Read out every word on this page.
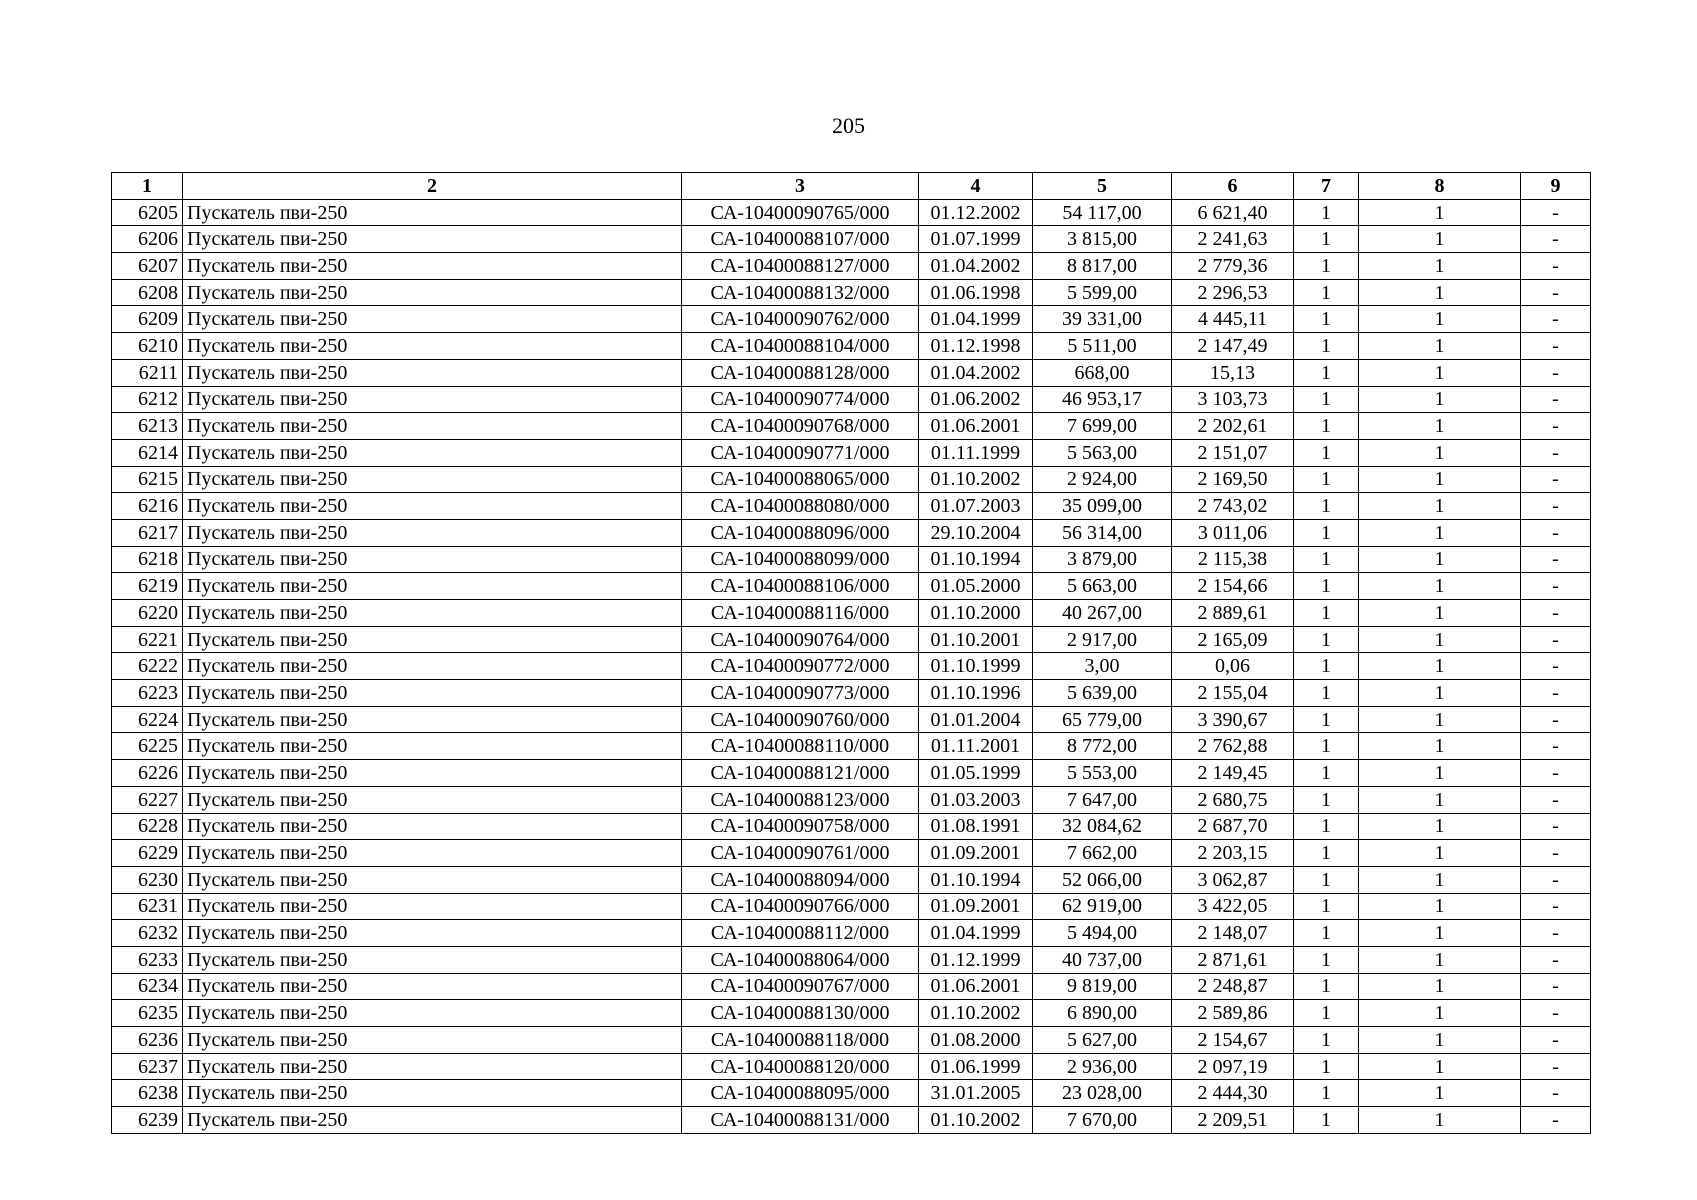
205
1	2	3	4	5	6	7	8	9
6205	Пускатель пви-250	СА-10400090765/000	01.12.2002	54 117,00	6 621,40	1	1	-
6206	Пускатель пви-250	СА-10400088107/000	01.07.1999	3 815,00	2 241,63	1	1	-
6207	Пускатель пви-250	СА-10400088127/000	01.04.2002	8 817,00	2 779,36	1	1	-
6208	Пускатель пви-250	СА-10400088132/000	01.06.1998	5 599,00	2 296,53	1	1	-
6209	Пускатель пви-250	СА-10400090762/000	01.04.1999	39 331,00	4 445,11	1	1	-
6210	Пускатель пви-250	СА-10400088104/000	01.12.1998	5 511,00	2 147,49	1	1	-
6211	Пускатель пви-250	СА-10400088128/000	01.04.2002	668,00	15,13	1	1	-
6212	Пускатель пви-250	СА-10400090774/000	01.06.2002	46 953,17	3 103,73	1	1	-
6213	Пускатель пви-250	СА-10400090768/000	01.06.2001	7 699,00	2 202,61	1	1	-
6214	Пускатель пви-250	СА-10400090771/000	01.11.1999	5 563,00	2 151,07	1	1	-
6215	Пускатель пви-250	СА-10400088065/000	01.10.2002	2 924,00	2 169,50	1	1	-
6216	Пускатель пви-250	СА-10400088080/000	01.07.2003	35 099,00	2 743,02	1	1	-
6217	Пускатель пви-250	СА-10400088096/000	29.10.2004	56 314,00	3 011,06	1	1	-
6218	Пускатель пви-250	СА-10400088099/000	01.10.1994	3 879,00	2 115,38	1	1	-
6219	Пускатель пви-250	СА-10400088106/000	01.05.2000	5 663,00	2 154,66	1	1	-
6220	Пускатель пви-250	СА-10400088116/000	01.10.2000	40 267,00	2 889,61	1	1	-
6221	Пускатель пви-250	СА-10400090764/000	01.10.2001	2 917,00	2 165,09	1	1	-
6222	Пускатель пви-250	СА-10400090772/000	01.10.1999	3,00	0,06	1	1	-
6223	Пускатель пви-250	СА-10400090773/000	01.10.1996	5 639,00	2 155,04	1	1	-
6224	Пускатель пви-250	СА-10400090760/000	01.01.2004	65 779,00	3 390,67	1	1	-
6225	Пускатель пви-250	СА-10400088110/000	01.11.2001	8 772,00	2 762,88	1	1	-
6226	Пускатель пви-250	СА-10400088121/000	01.05.1999	5 553,00	2 149,45	1	1	-
6227	Пускатель пви-250	СА-10400088123/000	01.03.2003	7 647,00	2 680,75	1	1	-
6228	Пускатель пви-250	СА-10400090758/000	01.08.1991	32 084,62	2 687,70	1	1	-
6229	Пускатель пви-250	СА-10400090761/000	01.09.2001	7 662,00	2 203,15	1	1	-
6230	Пускатель пви-250	СА-10400088094/000	01.10.1994	52 066,00	3 062,87	1	1	-
6231	Пускатель пви-250	СА-10400090766/000	01.09.2001	62 919,00	3 422,05	1	1	-
6232	Пускатель пви-250	СА-10400088112/000	01.04.1999	5 494,00	2 148,07	1	1	-
6233	Пускатель пви-250	СА-10400088064/000	01.12.1999	40 737,00	2 871,61	1	1	-
6234	Пускатель пви-250	СА-10400090767/000	01.06.2001	9 819,00	2 248,87	1	1	-
6235	Пускатель пви-250	СА-10400088130/000	01.10.2002	6 890,00	2 589,86	1	1	-
6236	Пускатель пви-250	СА-10400088118/000	01.08.2000	5 627,00	2 154,67	1	1	-
6237	Пускатель пви-250	СА-10400088120/000	01.06.1999	2 936,00	2 097,19	1	1	-
6238	Пускатель пви-250	СА-10400088095/000	31.01.2005	23 028,00	2 444,30	1	1	-
6239	Пускатель пви-250	СА-10400088131/000	01.10.2002	7 670,00	2 209,51	1	1	-
